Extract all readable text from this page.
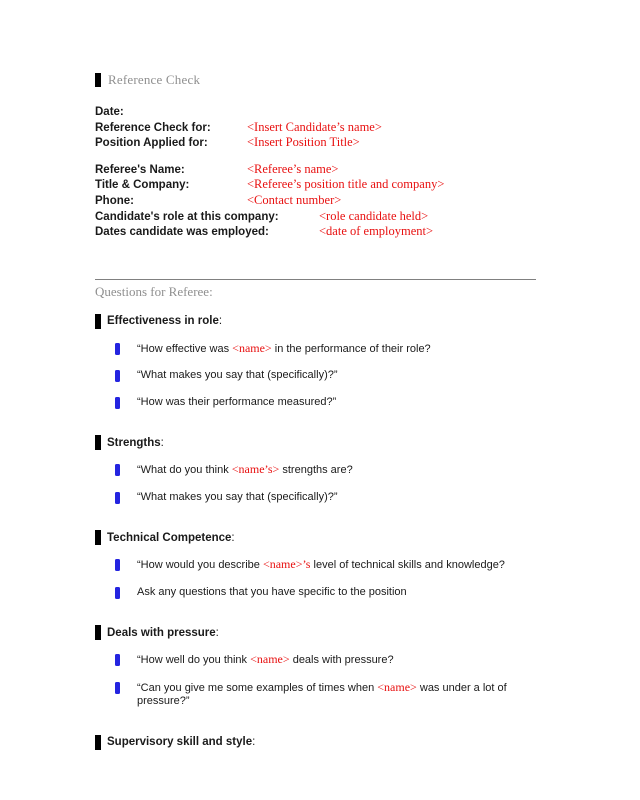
Reference Check
Date:
Reference Check for:	<Insert Candidate’s name>
Position Applied for:	<Insert Position Title>
Referee's Name:	<Referee’s name>
Title & Company:	<Referee’s position title and company>
Phone:	<Contact number>
Candidate's role at this company:	<role candidate held>
Dates candidate was employed:	<date of employment>
Questions for Referee:
Effectiveness in role :
“How effective was <name> in the performance of their role?
“What makes you say that (specifically)?”
“How was their performance measured?”
Strengths :
“What do you think <name’s> strengths are?
“What makes you say that (specifically)?”
Technical Competence :
“How would you describe <name>’s level of technical skills and knowledge?
Ask any questions that you have specific to the position
Deals with pressure :
“How well do you think <name> deals with pressure?
“Can you give me some examples of times when <name> was under a lot of pressure?”
Supervisory skill and style :
